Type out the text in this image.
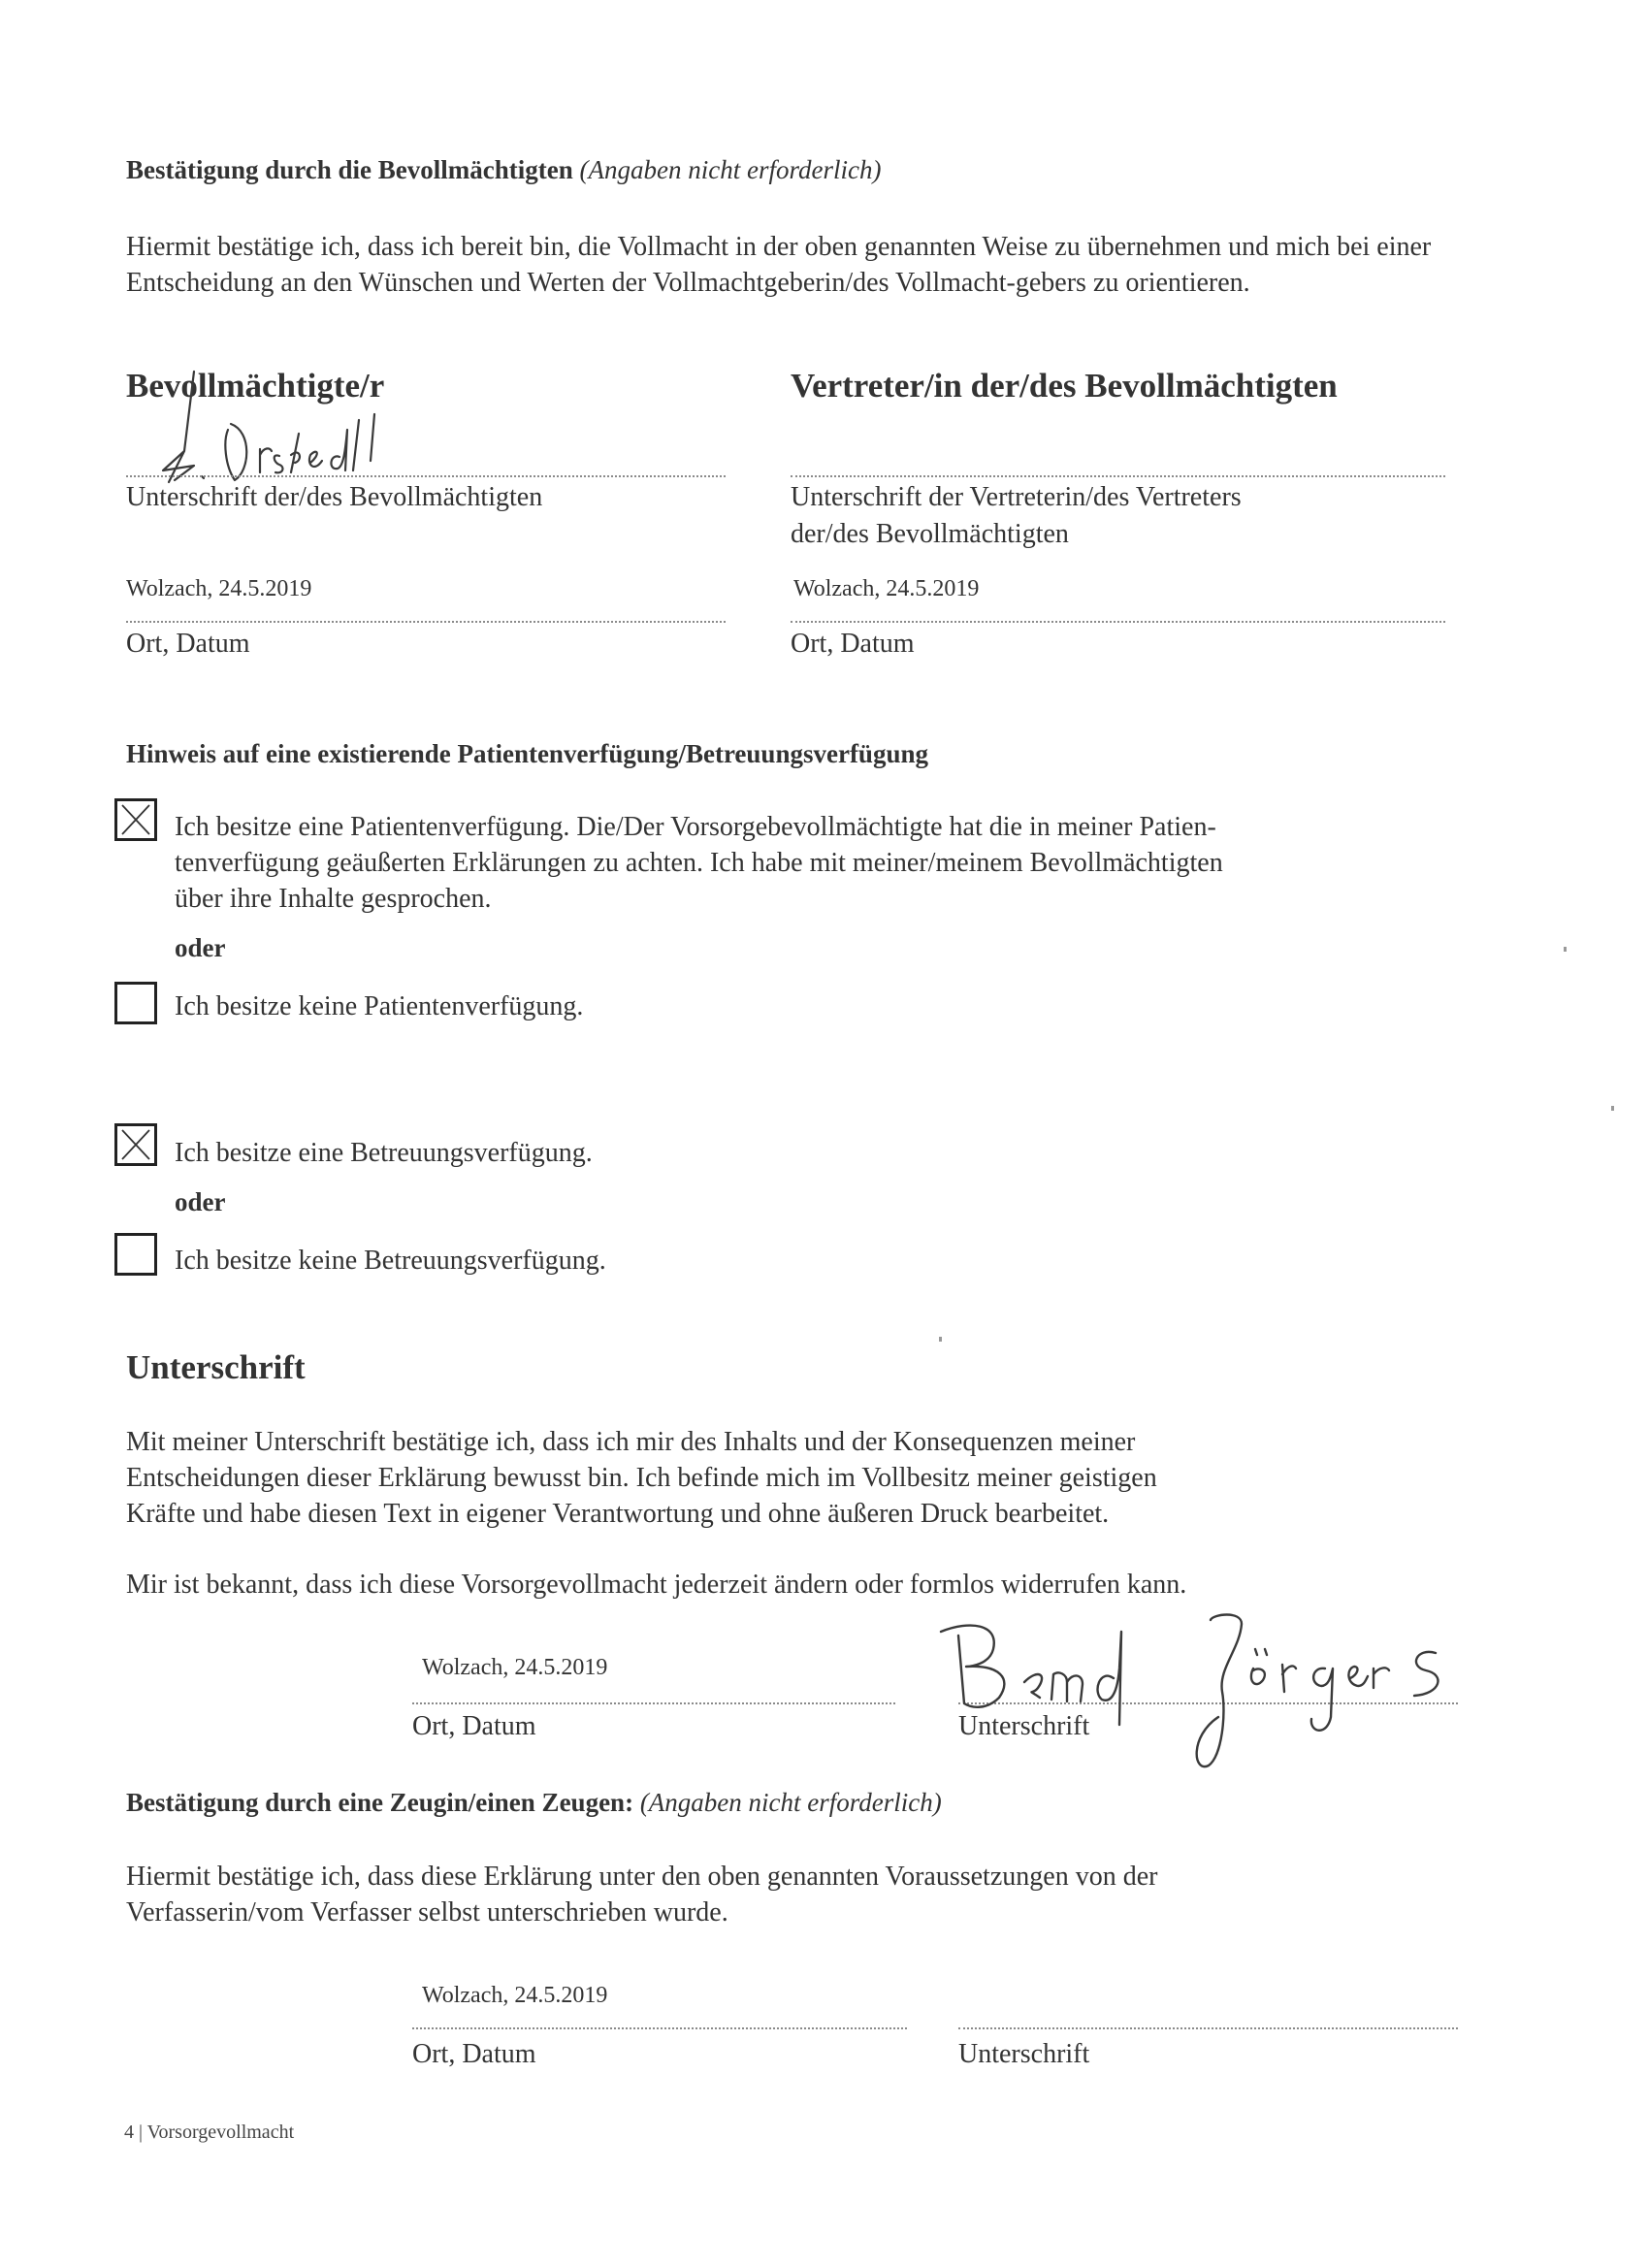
Bestätigung durch die Bevollmächtigten (Angaben nicht erforderlich)
Hiermit bestätige ich, dass ich bereit bin, die Vollmacht in der oben genannten Weise zu übernehmen und mich bei einer Entscheidung an den Wünschen und Werten der Vollmachtgeberin/des Vollmacht-gebers zu orientieren.
Bevollmächtigte/r
Unterschrift der/des Bevollmächtigten
Wolzach, 24.5.2019
Ort, Datum
Vertreter/in der/des Bevollmächtigten
Unterschrift der Vertreterin/des Vertreters
der/des Bevollmächtigten
Wolzach, 24.5.2019
Ort, Datum
Hinweis auf eine existierende Patientenverfügung/Betreuungsverfügung
Ich besitze eine Patientenverfügung. Die/Der Vorsorgebevollmächtigte hat die in meiner Patien-
tenverfügung geäußerten Erklärungen zu achten. Ich habe mit meiner/meinem Bevollmächtigten
über ihre Inhalte gesprochen.
oder
Ich besitze keine Patientenverfügung.
Ich besitze eine Betreuungsverfügung.
oder
Ich besitze keine Betreuungsverfügung.
Unterschrift
Mit meiner Unterschrift bestätige ich, dass ich mir des Inhalts und der Konsequenzen meiner
Entscheidungen dieser Erklärung bewusst bin. Ich befinde mich im Vollbesitz meiner geistigen
Kräfte und habe diesen Text in eigener Verantwortung und ohne äußeren Druck bearbeitet.
Mir ist bekannt, dass ich diese Vorsorgevollmacht jederzeit ändern oder formlos widerrufen kann.
Wolzach, 24.5.2019
Ort, Datum	Unterschrift
Bestätigung durch eine Zeugin/einen Zeugen: (Angaben nicht erforderlich)
Hiermit bestätige ich, dass diese Erklärung unter den oben genannten Voraussetzungen von der
Verfasserin/vom Verfasser selbst unterschrieben wurde.
Wolzach, 24.5.2019
Ort, Datum	Unterschrift
4 | Vorsorgevollmacht
